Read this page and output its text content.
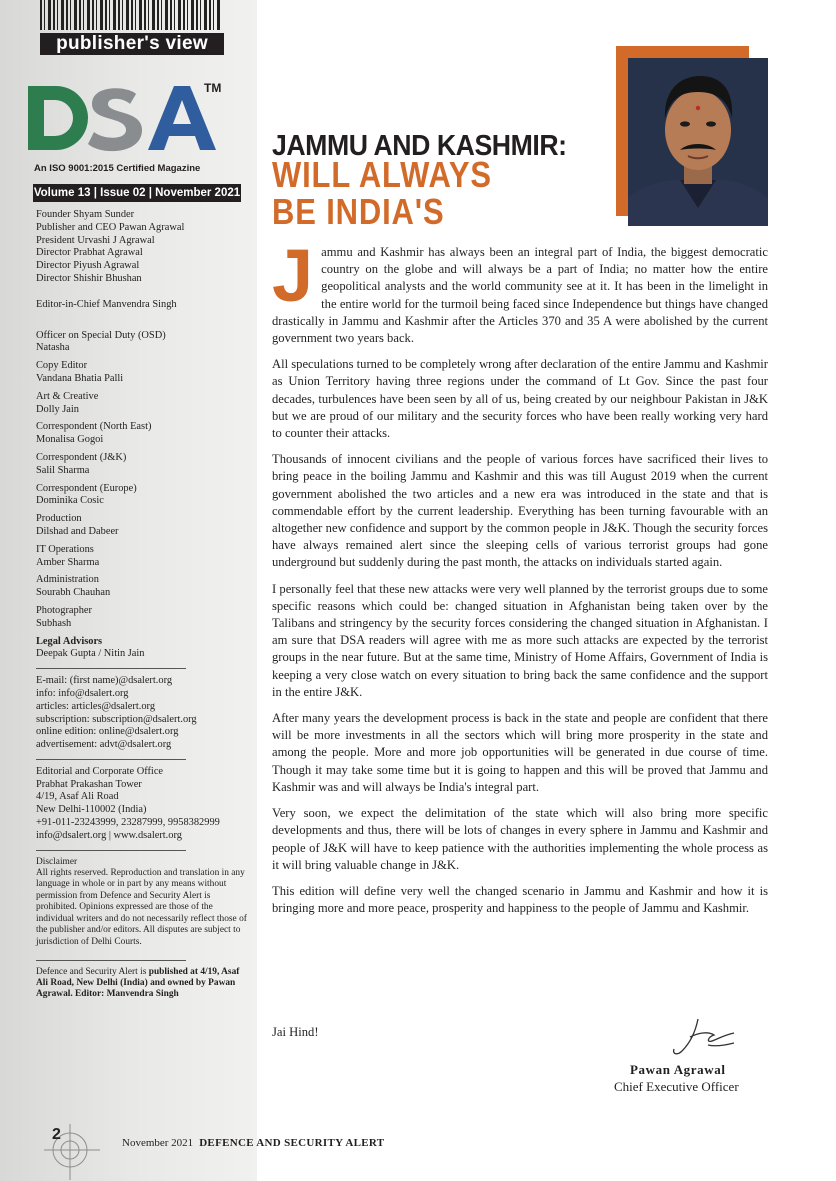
publisher's view
TM
An ISO 9001:2015 Certified Magazine
Volume 13 | Issue 02 | November 2021
Founder Shyam Sunder
Publisher and CEO Pawan Agrawal
President Urvashi J Agrawal
Director Prabhat Agrawal
Director Piyush Agrawal
Director Shishir Bhushan
Editor-in-Chief Manvendra Singh
Officer on Special Duty (OSD)
Natasha
Copy Editor
Vandana Bhatia Palli
Art & Creative
Dolly Jain
Correspondent (North East)
Monalisa Gogoi
Correspondent (J&K)
Salil Sharma
Correspondent (Europe)
Dominika Cosic
Production
Dilshad and Dabeer
IT Operations
Amber Sharma
Administration
Sourabh Chauhan
Photographer
Subhash
Legal Advisors
Deepak Gupta / Nitin Jain
E-mail: (first name)@dsalert.org
info: info@dsalert.org
articles: articles@dsalert.org
subscription: subscription@dsalert.org
online edition: online@dsalert.org
advertisement: advt@dsalert.org
Editorial and Corporate Office
Prabhat Prakashan Tower
4/19, Asaf Ali Road
New Delhi-110002 (India)
+91-011-23243999, 23287999, 9958382999
info@dsalert.org | www.dsalert.org
Disclaimer
All rights reserved. Reproduction and translation in any language in whole or in part by any means without permission from Defence and Security Alert is prohibited. Opinions expressed are those of the individual writers and do not necessarily reflect those of the publisher and/or editors. All disputes are subject to jurisdiction of Delhi Courts.
Defence and Security Alert is published at 4/19, Asaf Ali Road, New Delhi (India) and owned by Pawan Agrawal. Editor: Manvendra Singh
2
JAMMU AND KASHMIR:
WILL ALWAYS
BE INDIA'S

Jammu and Kashmir has always been an integral part of India, the biggest democratic country on the globe and will always be a part of India; no matter how the entire geopolitical analysts and the world community see at it. It has been in the limelight in the entire world for the turmoil being faced since Independence but things have changed drastically in Jammu and Kashmir after the Articles 370 and 35 A were abolished by the current government two years back.

All speculations turned to be completely wrong after declaration of the entire Jammu and Kashmir as Union Territory having three regions under the command of Lt Gov. Since the past four decades, turbulences have been seen by all of us, being created by our neighbour Pakistan in J&K but we are proud of our military and the security forces who have been really working very hard to counter their attacks.

Thousands of innocent civilians and the people of various forces have sacrificed their lives to bring peace in the boiling Jammu and Kashmir and this was till August 2019 when the current government abolished the two articles and a new era was introduced in the state and that is commendable effort by the current leadership. Everything has been turning favourable with an altogether new confidence and support by the common people in J&K. Though the security forces have always remained alert since the sleeping cells of various terrorist groups had gone underground but suddenly during the past month, the attacks on individuals started again.

I personally feel that these new attacks were very well planned by the terrorist groups due to some specific reasons which could be: changed situation in Afghanistan being taken over by the Talibans and stringency by the security forces considering the changed situation in Afghanistan. I am sure that DSA readers will agree with me as more such attacks are expected by the terrorist groups in the near future. But at the same time, Ministry of Home Affairs, Government of India is keeping a very close watch on every situation to bring back the same confidence and the support in the entire J&K.

After many years the development process is back in the state and people are confident that there will be more investments in all the sectors which will bring more prosperity in the state and among the people. More and more job opportunities will be generated in due course of time. Though it may take some time but it is going to happen and this will be proved that Jammu and Kashmir was and will always be India's integral part.

Very soon, we expect the delimitation of the state which will also bring more specific developments and thus, there will be lots of changes in every sphere in Jammu and Kashmir and people of J&K will have to keep patience with the authorities implementing the whole process as it will bring valuable change in J&K.

This edition will define very well the changed scenario in Jammu and Kashmir and how it is bringing more and more peace, prosperity and happiness to the people of Jammu and Kashmir.

Jai Hind!
Pawan Agrawal
Chief Executive Officer
November 2021 DEFENCE AND SECURITY ALERT
